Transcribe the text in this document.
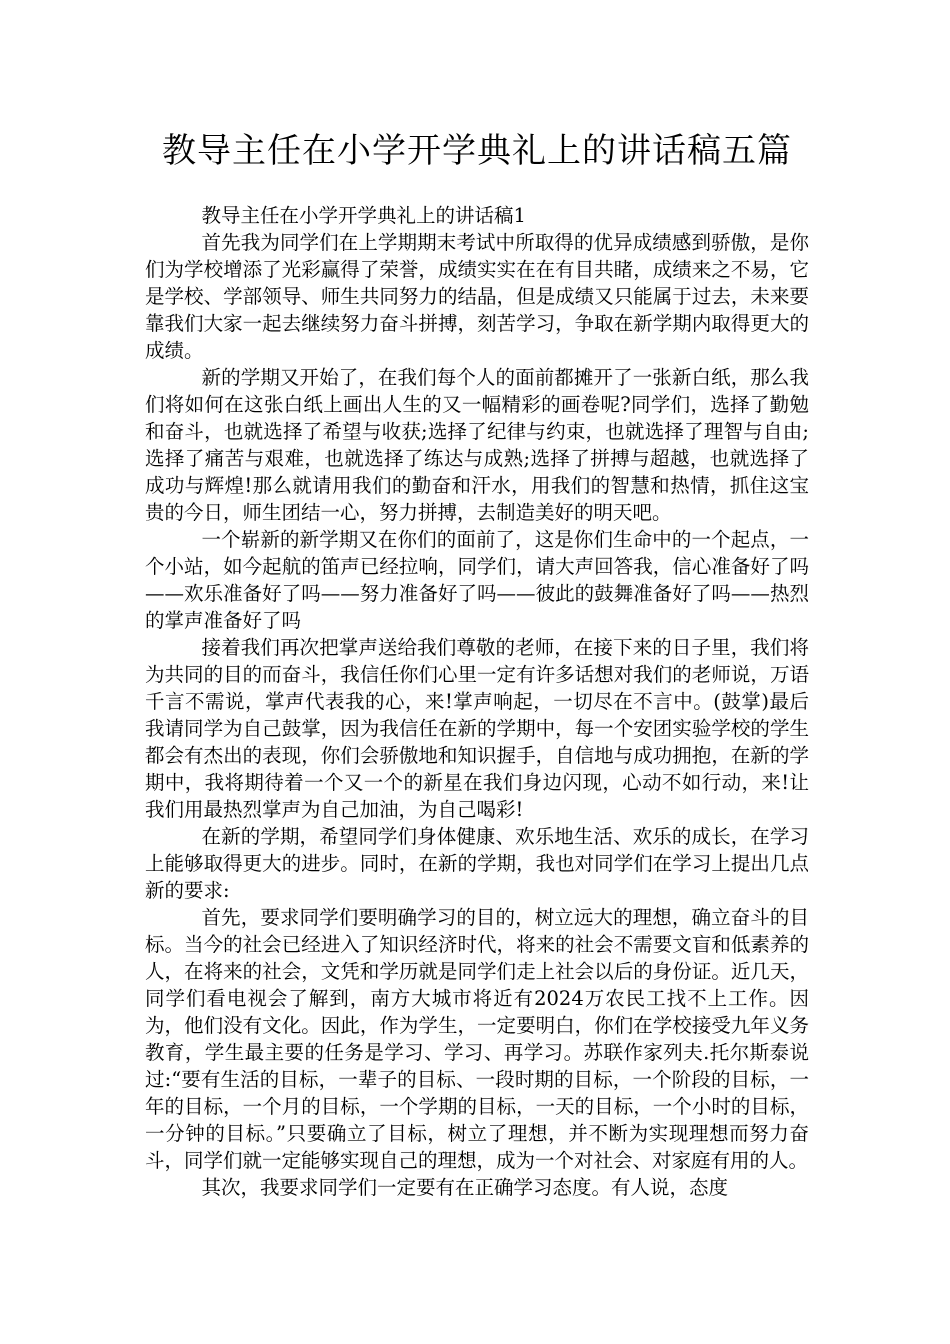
教导主任在小学开学典礼上的讲话稿五篇

教导主任在小学开学典礼上的讲话稿1

首先我为同学们在上学期期末考试中所取得的优异成绩感到骄傲，是你们为学校增添了光彩赢得了荣誉，成绩实实在在有目共睹，成绩来之不易，它是学校、学部领导、师生共同努力的结晶，但是成绩又只能属于过去，未来要靠我们大家一起去继续努力奋斗拼搏，刻苦学习，争取在新学期内取得更大的成绩。

新的学期又开始了，在我们每个人的面前都摊开了一张新白纸，那么我们将如何在这张白纸上画出人生的又一幅精彩的画卷呢?同学们，选择了勤勉和奋斗，也就选择了希望与收获;选择了纪律与约束，也就选择了理智与自由;选择了痛苦与艰难，也就选择了练达与成熟;选择了拼搏与超越，也就选择了成功与辉煌!那么就请用我们的勤奋和汗水，用我们的智慧和热情，抓住这宝贵的今日，师生团结一心，努力拼搏，去制造美好的明天吧。

一个崭新的新学期又在你们的面前了，这是你们生命中的一个起点，一个小站，如今起航的笛声已经拉响，同学们，请大声回答我，信心准备好了吗——欢乐准备好了吗——努力准备好了吗——彼此的鼓舞准备好了吗——热烈的掌声准备好了吗

接着我们再次把掌声送给我们尊敬的老师，在接下来的日子里，我们将为共同的目的而奋斗，我信任你们心里一定有许多话想对我们的老师说，万语千言不需说，掌声代表我的心，来!掌声响起，一切尽在不言中。(鼓掌)最后我请同学为自己鼓掌，因为我信任在新的学期中，每一个安团实验学校的学生都会有杰出的表现，你们会骄傲地和知识握手，自信地与成功拥抱，在新的学期中，我将期待着一个又一个的新星在我们身边闪现，心动不如行动，来!让我们用最热烈掌声为自己加油，为自己喝彩!

在新的学期，希望同学们身体健康、欢乐地生活、欢乐的成长，在学习上能够取得更大的进步。同时，在新的学期，我也对同学们在学习上提出几点新的要求:

首先，要求同学们要明确学习的目的，树立远大的理想，确立奋斗的目标。当今的社会已经进入了知识经济时代，将来的社会不需要文盲和低素养的人，在将来的社会，文凭和学历就是同学们走上社会以后的身份证。近几天，同学们看电视会了解到，南方大城市将近有2024万农民工找不上工作。因为，他们没有文化。因此，作为学生，一定要明白，你们在学校接受九年义务教育，学生最主要的任务是学习、学习、再学习。苏联作家列夫.托尔斯泰说过:“要有生活的目标，一辈子的目标、一段时期的目标，一个阶段的目标，一年的目标，一个月的目标，一个学期的目标，一天的目标，一个小时的目标，一分钟的目标。”只要确立了目标，树立了理想，并不断为实现理想而努力奋斗，同学们就一定能够实现自己的理想，成为一个对社会、对家庭有用的人。

其次，我要求同学们一定要有在正确学习态度。有人说，态度
